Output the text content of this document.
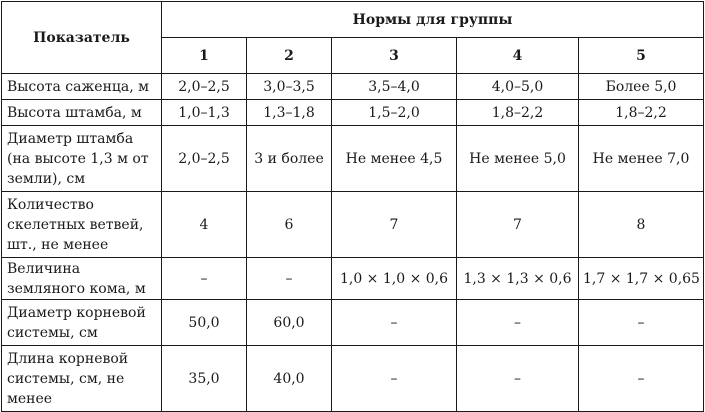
Показатель	Нормы для группы				
	1	2	3	4	5
Высота саженца, м	2,0–2,5	3,0–3,5	3,5–4,0	4,0–5,0	Более 5,0
Высота штамба, м	1,0–1,3	1,3–1,8	1,5–2,0	1,8–2,2	1,8–2,2
Диаметр штамба (на высоте 1,3 м от земли), см	2,0–2,5	3 и более	Не менее 4,5	Не менее 5,0	Не менее 7,0
Количество скелетных ветвей, шт., не менее	4	6	7	7	8
Величина земляного кома, м	–	–	1,0 × 1,0 × 0,6	1,3 × 1,3 × 0,6	1,7 × 1,7 × 0,65
Диаметр корневой системы, см	50,0	60,0	–	–	–
Длина корневой системы, см, не менее	35,0	40,0	–	–	–
